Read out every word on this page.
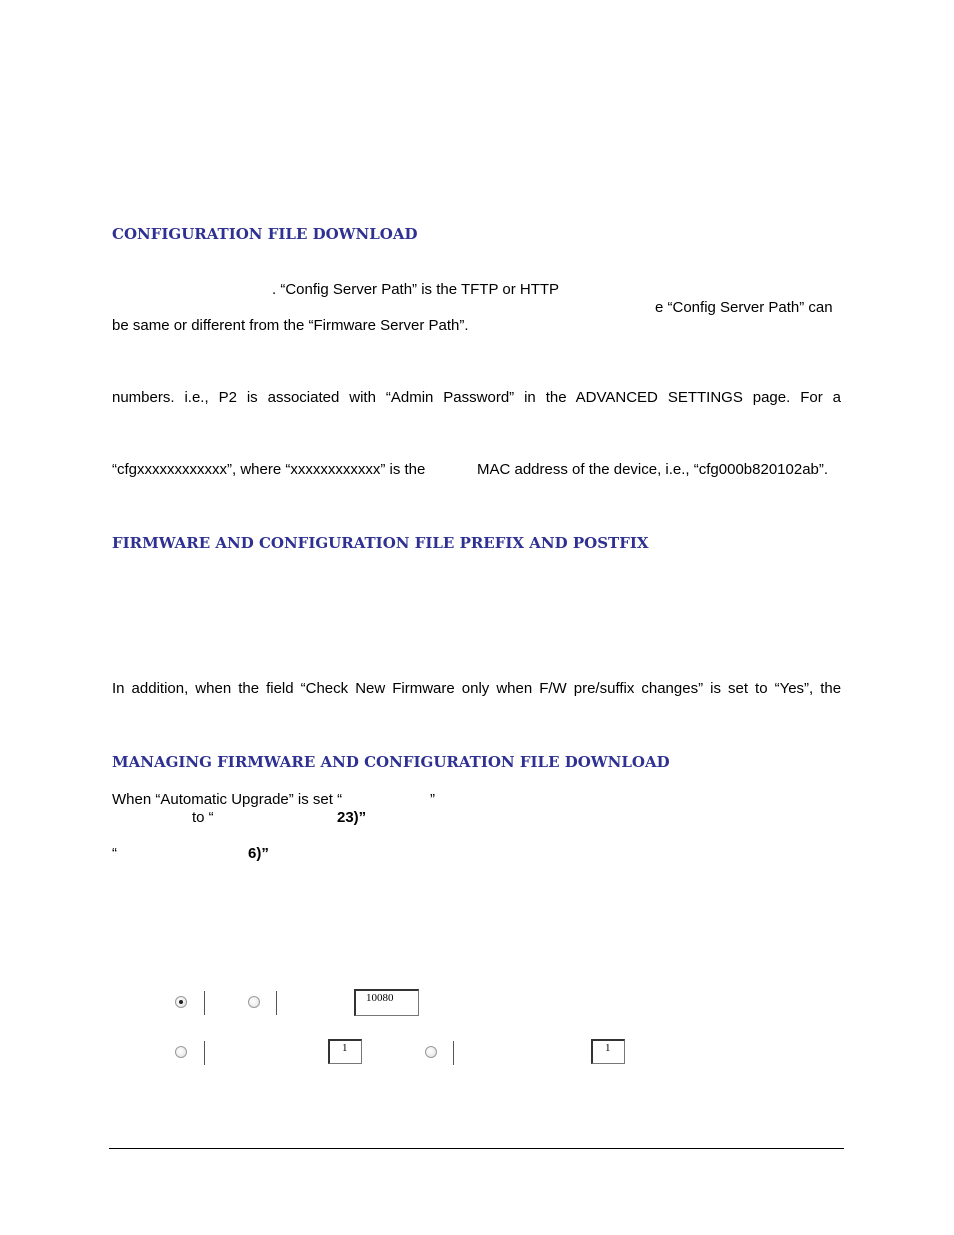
CONFIGURATION FILE DOWNLOAD

. “Config Server Path” is the TFTP or HTTP

e “Config Server Path” can

be same or different from the “Firmware Server Path”.

numbers. i.e., P2 is associated with “Admin Password” in the ADVANCED SETTINGS page. For a

“cfgxxxxxxxxxxxx”, where “xxxxxxxxxxxx” is the	MAC address of the device, i.e., “cfg000b820102ab”.

FIRMWARE AND CONFIGURATION FILE PREFIX AND POSTFIX

In addition, when the field “Check New Firmware only when F/W pre/suffix changes” is set to “Yes”, the

MANAGING FIRMWARE AND CONFIGURATION FILE DOWNLOAD

When “Automatic Upgrade” is set “	”

to “	23)”

“	6)”

10080
1	1
